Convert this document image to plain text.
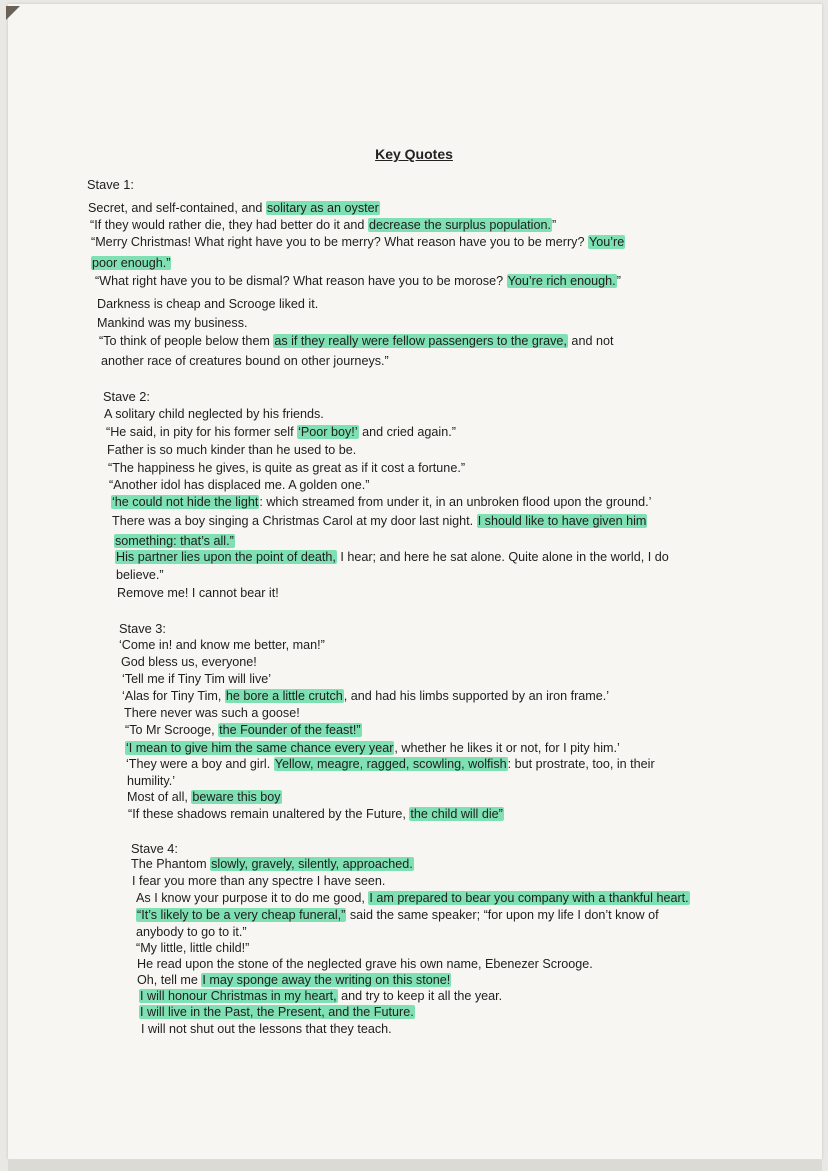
Key Quotes
Stave 1:
Secret, and self-contained, and solitary as an oyster
“If they would rather die, they had better do it and decrease the surplus population.”
“Merry Christmas! What right have you to be merry? What reason have you to be merry? You’re
poor enough.”
“What right have you to be dismal? What reason have you to be morose? You’re rich enough.”
Darkness is cheap and Scrooge liked it.
Mankind was my business.
“To think of people below them as if they really were fellow passengers to the grave, and not
another race of creatures bound on other journeys.”
Stave 2:
A solitary child neglected by his friends.
“He said, in pity for his former self ‘Poor boy!’ and cried again.”
Father is so much kinder than he used to be.
“The happiness he gives, is quite as great as if it cost a fortune.”
“Another idol has displaced me. A golden one.”
‘he could not hide the light: which streamed from under it, in an unbroken flood upon the ground.’
There was a boy singing a Christmas Carol at my door last night. I should like to have given him
something: that’s all.”
His partner lies upon the point of death, I hear; and here he sat alone. Quite alone in the world, I do
believe.”
Remove me! I cannot bear it!
Stave 3:
‘Come in! and know me better, man!”
God bless us, everyone!
‘Tell me if Tiny Tim will live’
‘Alas for Tiny Tim, he bore a little crutch, and had his limbs supported by an iron frame.’
There never was such a goose!
“To Mr Scrooge, the Founder of the feast!”
‘I mean to give him the same chance every year, whether he likes it or not, for I pity him.’
‘They were a boy and girl. Yellow, meagre, ragged, scowling, wolfish: but prostrate, too, in their
humility.’
Most of all, beware this boy
“If these shadows remain unaltered by the Future, the child will die”
Stave 4:
The Phantom slowly, gravely, silently, approached.
I fear you more than any spectre I have seen.
As I know your purpose it to do me good, I am prepared to bear you company with a thankful heart.
“It’s likely to be a very cheap funeral,” said the same speaker; “for upon my life I don’t know of
anybody to go to it.”
“My little, little child!”
He read upon the stone of the neglected grave his own name, Ebenezer Scrooge.
Oh, tell me I may sponge away the writing on this stone!
I will honour Christmas in my heart, and try to keep it all the year.
I will live in the Past, the Present, and the Future.
I will not shut out the lessons that they teach.
